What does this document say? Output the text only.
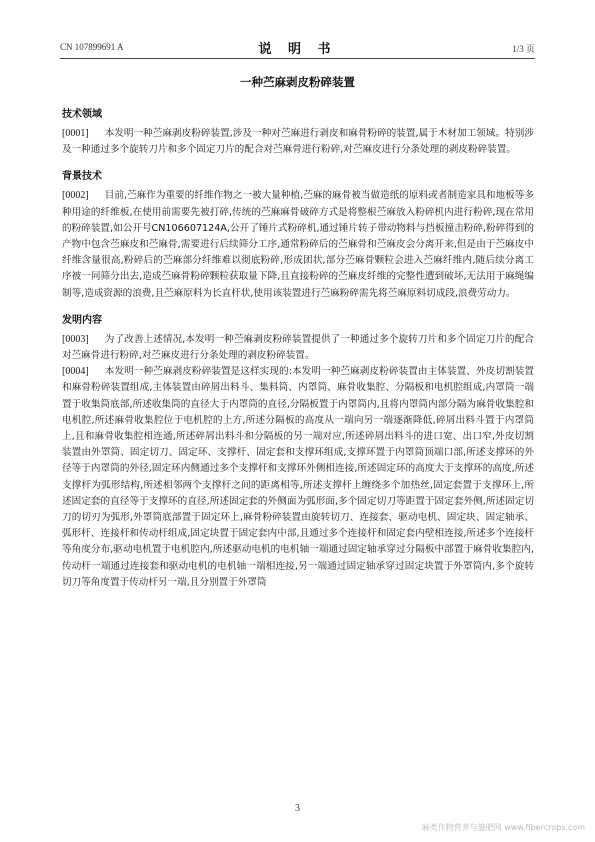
CN 107899691 A	说 明 书	1/3 页
一种苎麻剥皮粉碎装置
技术领域

[0001] 本发明一种苎麻剥皮粉碎装置,涉及一种对苎麻进行剥皮和麻骨粉碎的装置,属于木材加工领域。特别涉及一种通过多个旋转刀片和多个固定刀片的配合对苎麻骨进行粉碎,对苎麻皮进行分条处理的剥皮粉碎装置。

背景技术

[0002] 目前,苎麻作为重要的纤维作物之一被大量种植,苎麻的麻骨被当做造纸的原料或者制造家具和地板等多种用途的纤维板,在使用前需要先被打碎,传统的苎麻麻骨破碎方式是将整根苎麻放入粉碎机内进行粉碎,现在常用的粉碎装置,如公开号CN106607124A,公开了锤片式粉碎机,通过锤片转子带动物料与挡板撞击粉碎,粉碎得到的产物中包含苎麻皮和苎麻骨,需要进行后续筛分工序,通常粉碎后的苎麻骨和苎麻皮会分离开来,但是由于苎麻皮中纤维含量很高,粉碎后的苎麻部分纤维难以彻底粉碎,形成团状,部分苎麻骨颗粒会进入苎麻纤维内,随后续分离工序被一同筛分出去,造成苎麻骨粉碎颗粒获取量下降,且直接粉碎的苎麻皮纤维的完整性遭到破坏,无法用于麻绳编制等,造成资源的浪费,且苎麻原料为长直杆状,使用该装置进行苎麻粉碎需先将苎麻原料切成段,浪费劳动力。

发明内容

[0003] 为了改善上述情况,本发明一种苎麻剥皮粉碎装置提供了一种通过多个旋转刀片和多个固定刀片的配合对苎麻骨进行粉碎,对苎麻皮进行分条处理的剥皮粉碎装置。

[0004] 本发明一种苎麻剥皮粉碎装置是这样实现的:本发明一种苎麻剥皮粉碎装置由主体装置、外皮切割装置和麻骨粉碎装置组成,主体装置由碎屑出料斗、集料筒、内罩筒、麻骨收集腔、分隔板和电机腔组成,内罩筒一端置于收集筒底部,所述收集筒的直径大于内罩筒的直径,分隔板置于内罩筒内,且将内罩筒内部分隔为麻骨收集腔和电机腔,所述麻骨收集腔位于电机腔的上方,所述分隔板的高度从一端向另一端逐渐降低,碎屑出料斗置于内罩筒上,且和麻骨收集腔相连通,所述碎屑出料斗和分隔板的另一端对应,所述碎屑出料斗的进口宽、出口窄,外皮切割装置由外罩筒、固定切刀、固定环、支撑杆、固定套和支撑环组成,支撑环置于内罩筒顶端口部,所述支撑环的外径等于内罩筒的外径,固定环内侧通过多个支撑杆和支撑环外侧相连接,所述固定环的高度大于支撑环的高度,所述支撑杆为弧形结构,所述相邻两个支撑杆之间的距离相等,所述支撑杆上缠绕多个加热丝,固定套置于支撑环上,所述固定套的直径等于支撑环的直径,所述固定套的外侧面为弧形面,多个固定切刀等距置于固定套外侧,所述固定切刀的切刃为弧形,外罩筒底部置于固定环上,麻骨粉碎装置由旋转切刀、连接套、驱动电机、固定块、固定轴承、弧形杆、连接杆和传动杆组成,固定块置于固定套内中部,且通过多个连接杆和固定套内壁相连接,所述多个连接杆等角度分布,驱动电机置于电机腔内,所述驱动电机的电机轴一端通过固定轴承穿过分隔板中部置于麻骨收集腔内,传动杆一端通过连接套和驱动电机的电机轴一端相连接,另一端通过固定轴承穿过固定块置于外罩筒内,多个旋转切刀等角度置于传动杆另一端,且分别置于外罩筒

3
麻类作物营养与施肥网 www.fibercrops.com
